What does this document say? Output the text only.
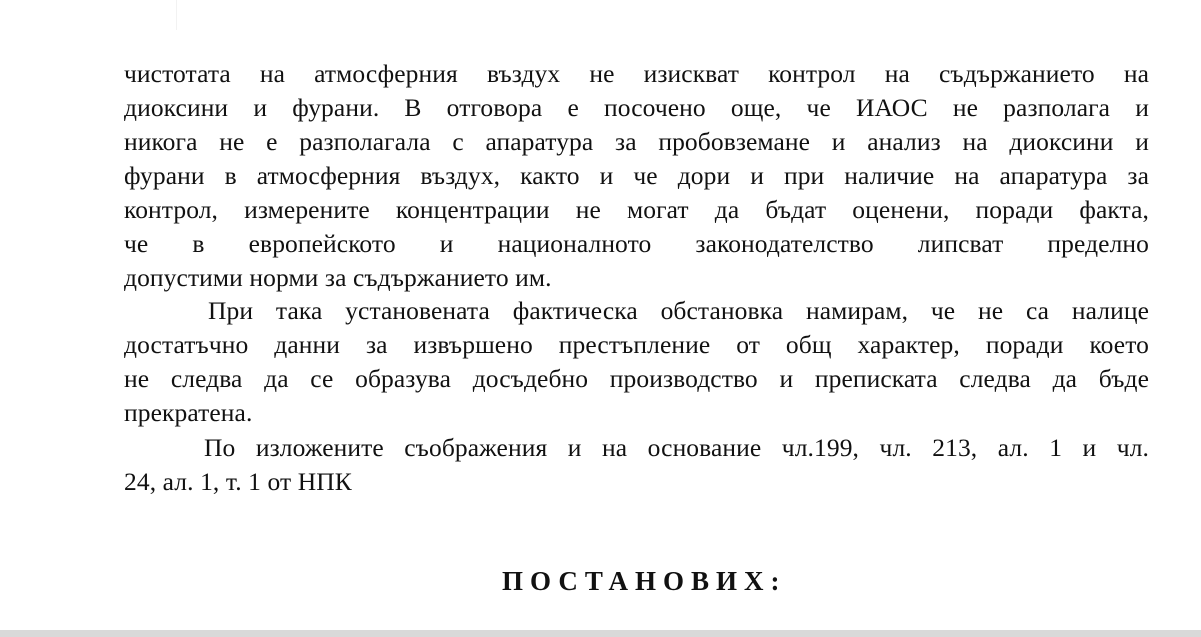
чистотата на атмосферния въздух не изискват контрол на съдържанието на
диоксини и фурани. В отговора е посочено още, че ИАОС не разполага и
никога не е разполагала с апаратура за пробовземане и анализ на диоксини и
фурани в атмосферния въздух, както и че дори и при наличие на апаратура за
контрол, измерените концентрации не могат да бъдат оценени, поради факта,
че в европейското и националното законодателство липсват пределно
допустими норми за съдържанието им.

При така установената фактическа обстановка намирам, че не са налице
достатъчно данни за извършено престъпление от общ характер, поради което
не следва да се образува досъдебно производство и преписката следва да бъде
прекратена.

По изложените съображения и на основание чл.199, чл. 213, ал. 1 и чл.
24, ал. 1, т. 1 от НПК

ПОСТАНОВИХ:
